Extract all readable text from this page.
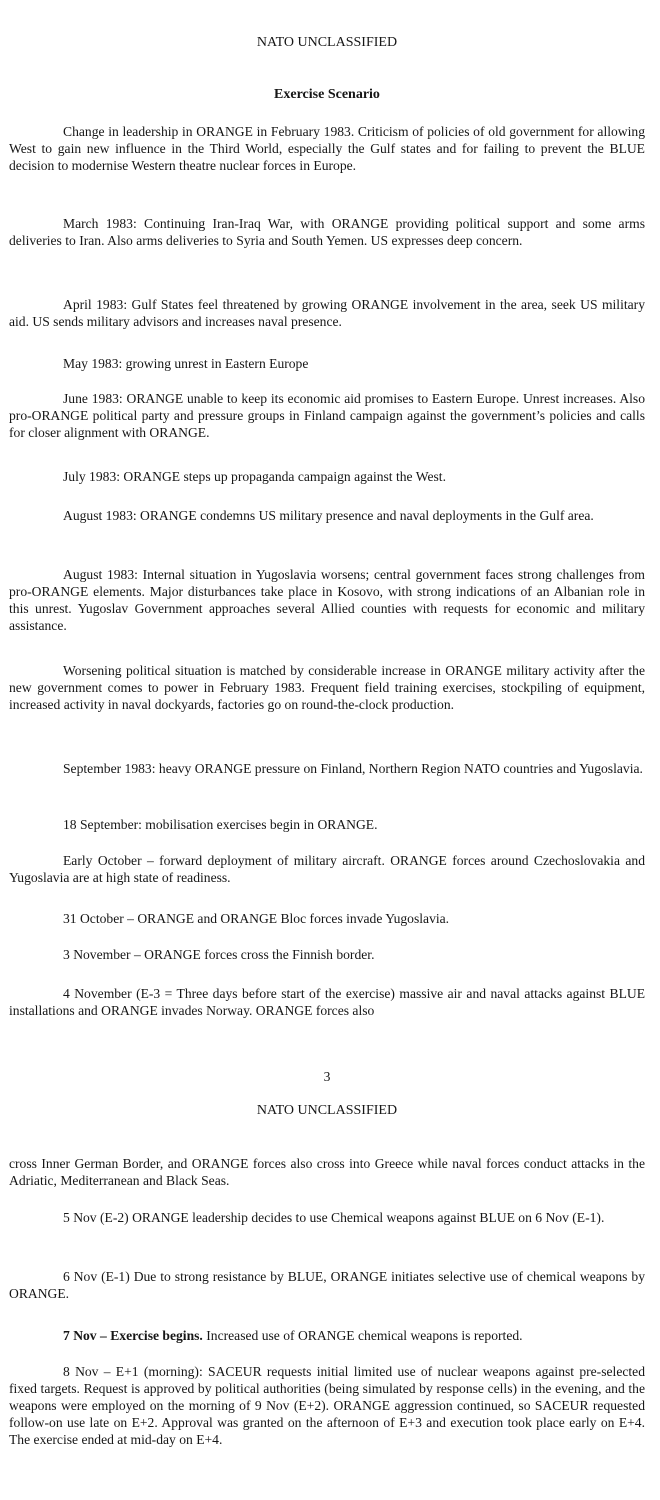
NATO UNCLASSIFIED
Exercise Scenario

Change in leadership in ORANGE in February 1983. Criticism of policies of old government for allowing West to gain new influence in the Third World, especially the Gulf states and for failing to prevent the BLUE decision to modernise Western theatre nuclear forces in Europe.

March 1983: Continuing Iran-Iraq War, with ORANGE providing political support and some arms deliveries to Iran. Also arms deliveries to Syria and South Yemen. US expresses deep concern.

April 1983: Gulf States feel threatened by growing ORANGE involvement in the area, seek US military aid. US sends military advisors and increases naval presence.

May 1983: growing unrest in Eastern Europe

June 1983: ORANGE unable to keep its economic aid promises to Eastern Europe. Unrest increases. Also pro-ORANGE political party and pressure groups in Finland campaign against the government’s policies and calls for closer alignment with ORANGE.

July 1983: ORANGE steps up propaganda campaign against the West.

August 1983: ORANGE condemns US military presence and naval deployments in the Gulf area.

August 1983: Internal situation in Yugoslavia worsens; central government faces strong challenges from pro-ORANGE elements. Major disturbances take place in Kosovo, with strong indications of an Albanian role in this unrest. Yugoslav Government approaches several Allied counties with requests for economic and military assistance.

Worsening political situation is matched by considerable increase in ORANGE military activity after the new government comes to power in February 1983. Frequent field training exercises, stockpiling of equipment, increased activity in naval dockyards, factories go on round-the-clock production.

September 1983: heavy ORANGE pressure on Finland, Northern Region NATO countries and Yugoslavia.

18 September: mobilisation exercises begin in ORANGE.

Early October – forward deployment of military aircraft. ORANGE forces around Czechoslovakia and Yugoslavia are at high state of readiness.

31 October – ORANGE and ORANGE Bloc forces invade Yugoslavia.

3 November – ORANGE forces cross the Finnish border.

4 November (E-3 = Three days before start of the exercise) massive air and naval attacks against BLUE installations and ORANGE invades Norway. ORANGE forces also

3
NATO UNCLASSIFIED

cross Inner German Border, and ORANGE forces also cross into Greece while naval forces conduct attacks in the Adriatic, Mediterranean and Black Seas.

5 Nov (E-2) ORANGE leadership decides to use Chemical weapons against BLUE on 6 Nov (E-1).

6 Nov (E-1) Due to strong resistance by BLUE, ORANGE initiates selective use of chemical weapons by ORANGE.

7 Nov – Exercise begins. Increased use of ORANGE chemical weapons is reported.

8 Nov – E+1 (morning): SACEUR requests initial limited use of nuclear weapons against pre-selected fixed targets. Request is approved by political authorities (being simulated by response cells) in the evening, and the weapons were employed on the morning of 9 Nov (E+2). ORANGE aggression continued, so SACEUR requested follow-on use late on E+2. Approval was granted on the afternoon of E+3 and execution took place early on E+4. The exercise ended at mid-day on E+4.
